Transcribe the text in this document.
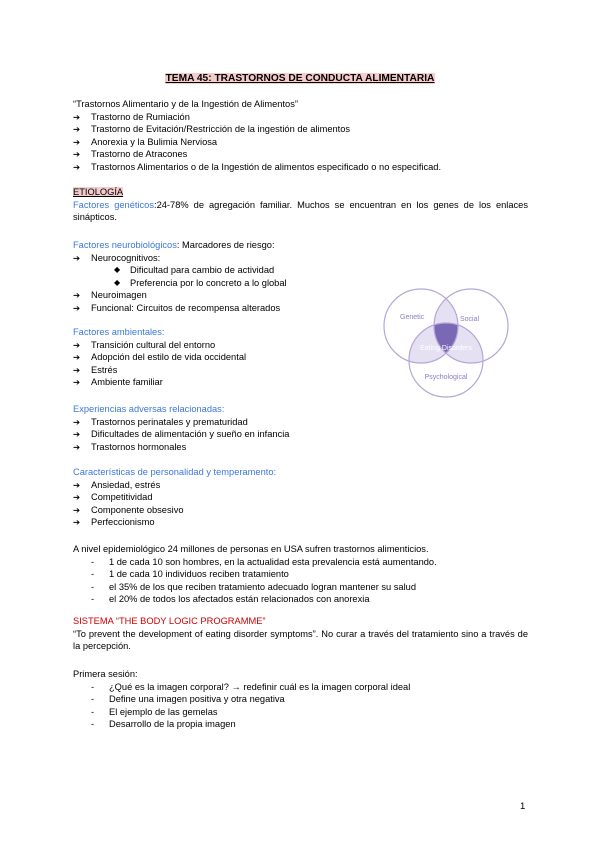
TEMA 45: TRASTORNOS DE CONDUCTA ALIMENTARIA
“Trastornos Alimentario y de la Ingestión de Alimentos”
➔ Trastorno de Rumiación
➔ Trastorno de Evitación/Restricción de la ingestión de alimentos
➔ Anorexia y la Bulimia Nerviosa
➔ Trastorno de Atracones
➔ Trastornos Alimentarios o de la Ingestión de alimentos especificado o no especificad.
ETIOLOGÍA
Factores genéticos:24-78% de agregación familiar. Muchos se encuentran en los genes de los enlaces sinápticos.
Factores neurobiológicos: Marcadores de riesgo:
➔ Neurocognitivos:
◆ Dificultad para cambio de actividad
◆ Preferencia por lo concreto a lo global
➔ Neuroimagen
➔ Funcional: Circuitos de recompensa alterados
Factores ambientales:
➔ Transición cultural del entorno
➔ Adopción del estilo de vida occidental
➔ Estrés
➔ Ambiente familiar
Experiencias adversas relacionadas:
➔ Trastornos perinatales y prematuridad
➔ Dificultades de alimentación y sueño en infancia
➔ Trastornos hormonales
Características de personalidad y temperamento:
➔ Ansiedad, estrés
➔ Competitividad
➔ Componente obsesivo
➔ Perfeccionismo
A nivel epidemiológico 24 millones de personas en USA sufren trastornos alimenticios.
- 1 de cada 10 son hombres, en la actualidad esta prevalencia está aumentando.
- 1 de cada 10 individuos reciben tratamiento
- el 35% de los que reciben tratamiento adecuado logran mantener su salud
- el 20% de todos los afectados están relacionados con anorexia
SISTEMA “THE BODY LOGIC PROGRAMME”
“To prevent the development of eating disorder symptoms”. No curar a través del tratamiento sino a través de la percepción.
Primera sesión:
- ¿Qué es la imagen corporal? → redefinir cuál es la imagen corporal ideal
- Define una imagen positiva y otra negativa
- El ejemplo de las gemelas
- Desarrollo de la propia imagen
Genetic	Social
Eating Disorders
Psychological
1
